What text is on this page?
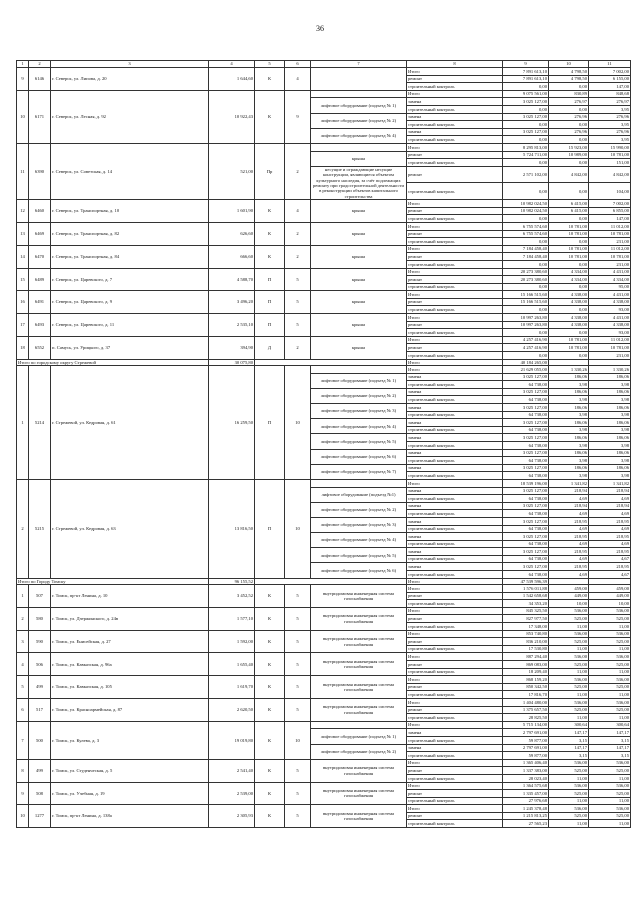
36
1	2	3	4	5	6	7	8	9	10	11
9	6146	г. Северск, ул. Липова, д. 20	1 644,60	К	4		Итого	7 891 613,10	4 798,50	7 002,00
							ремонт	7 891 613,10	4 798,50	6 155,00
							строительный контроль	0,00	0,00	147,00
10	6171	г. Северск, ул. Лесная, д. 92	10 922,43	К	9		Итого	9 075 561,00	830,89	848,68
						лифтовое оборудование (подъезд № 1)	замена	3 025 127,00	276,97	276,97
							строительный контроль	0,00	0,00	3,95
						лифтовое оборудование (подъезд № 2)	замена	3 025 127,00	276,96	276,96
							строительный контроль	0,00	0,00	3,95
						лифтовое оборудование (подъезд № 4)	замена	3 025 127,00	276,96	276,96
							строительный контроль	0,00	0,00	3,95
11	6390	г. Северск, ул. Советская, д. 14	521,00	Пр	2		Итого	8 295 813,00	15 923,00	15 990,00
						крыша	ремонт	5 724 711,00	10 989,00	10 781,00
							строительный контроль	0,00	0,00	151,00
						несущие и ограждающие несущие конструкции, являющиеся объектом культурного наследия, за счёт подлежащих ремонту при градостроительной деятельности в реконструкции объектов капитального строительства	ремонт	2 571 102,00	4 842,00	4 842,00
							строительный контроль	0,00	0,00	104,00
12	6460	г. Северск, ул. Транспортная, д. 10	1 601,90	К	4	крыша	Итого	10 982 024,50	6 415,00	7 002,00
							ремонт	10 982 024,50	6 415,00	6 855,00
							строительный контроль	0,00	0,00	147,00
13	6469	г. Северск, ул. Транспортная, д. 82	626,60	К	2	крыша	Итого	6 755 574,60	10 781,00	11 012,00
							ремонт	6 755 574,60	10 781,00	10 781,00
							строительный контроль	0,00	0,00	231,00
14	6470	г. Северск, ул. Транспортная, д. 84	666,60	К	2	крыша	Итого	7 184 458,40	10 781,00	11 012,00
							ремонт	7 184 458,40	10 781,00	10 781,00
							строительный контроль	0,00	0,00	231,00
15	6489	г. Северск, ул. Царевского, д. 7	4 588,70	П	5	крыша	Итого	20 273 380,60	4 334,00	4 431,00
							ремонт	20 273 380,60	4 334,00	4 334,00
							строительный контроль	0,00	0,00	95,00
16	6491	г. Северск, ул. Царевского, д. 9	3 496,20	П	5	крыша	Итого	15 166 515,60	4 338,00	4 431,00
							ремонт	15 166 515,60	4 338,00	4 338,00
							строительный контроль	0,00	0,00	93,00
17	6493	г. Северск, ул. Царевского, д. 11	2 535,10	П	5	крыша	Итого	10 997 263,80	4 338,00	4 431,00
							ремонт	10 997 263,80	4 338,00	4 338,00
							строительный контроль	0,00	0,00	93,00
18	6552	п. Самусь, ул. Урицкого, д. 37	394,90	Д	2	крыша	Итого	4 257 416,90	10 781,00	11 012,00
							ремонт	4 257 416,90	10 781,00	10 781,00
							строительный контроль	0,00	0,00	231,00
Итого по городскому округу Стрежевой			30 075,80				Итого	40 184 265,00		
1	5214	г. Стрежевой, ул. Кедровая, д. 61	16 259,50	П	10		Итого	21 629 055,00	1 330,26	1 330,26
						лифтовое оборудование (подъезд № 1)	замена	3 025 127,00	186,06	186,06
							строительный контроль	64 738,00	3,98	3,98
						лифтовое оборудование (подъезд № 2)	замена	3 025 127,00	186,06	186,06
							строительный контроль	64 738,00	3,98	3,98
						лифтовое оборудование (подъезд № 3)	замена	3 025 127,00	186,06	186,06
							строительный контроль	64 738,00	3,98	3,98
						лифтовое оборудование (подъезд № 4)	замена	3 025 127,00	186,06	186,06
							строительный контроль	64 738,00	3,98	3,98
						лифтовое оборудование (подъезд № 5)	замена	3 025 127,00	186,06	186,06
							строительный контроль	64 738,00	3,98	3,98
						лифтовое оборудование (подъезд № 6)	замена	3 025 127,00	186,06	186,06
							строительный контроль	64 738,00	3,98	3,98
						лифтовое оборудование (подъезд № 7)	замена	3 025 127,00	186,06	186,06
							строительный контроль	64 738,00	3,98	3,98
2	5215	г. Стрежевой, ул. Кедровая, д. 63	13 816,50	П	10		Итого	18 539 196,00	1 341,82	1 341,82
						лифтовое оборудование (подъезд №1)	замена	3 025 127,00	218,94	218,94
							строительный контроль	64 738,00	4,69	4,69
						лифтовое оборудование (подъезд № 2)	замена	3 025 127,00	218,94	218,94
							строительный контроль	64 738,00	4,69	4,69
						лифтовое оборудование (подъезд № 3)	замена	3 025 127,00	218,95	218,95
							строительный контроль	64 738,00	4,69	4,69
						лифтовое оборудование (подъезд № 4)	замена	3 025 127,00	218,95	218,95
							строительный контроль	64 738,00	4,69	4,69
						лифтовое оборудование (подъезд № 5)	замена	3 025 127,00	218,95	218,95
							строительный контроль	64 738,00	4,69	4,67
						лифтовое оборудование (подъезд № 6)	замена	3 025 127,00	218,95	218,95
							строительный контроль	64 738,00	4,69	4,67
Итого по Городу Томску			96 155,52				Итого	47 539 596,39		
1	507	г. Томск, пр-кт Ленина, д. 10	3 452,52	К	5	внутридомовая инженерная система газоснабжения	Итого	1 576 011,88	459,00	459,00
							ремонт	1 542 658,68	449,00	449,00
							строительный контроль	34 353,20	10,00	10,00
2	580	г. Томск, ул. Дзержинского, д. 24в	1 577,10	К	5	внутридомовая инженерная система газоснабжения	Итого	845 325,50	536,00	536,00
							ремонт	827 977,50	525,00	525,00
							строительный контроль	17 348,00	11,00	11,00
3	590	г. Томск, ул. Енисейская, д. 27	1 592,00	К	5	внутридомовая инженерная система газоснабжения	Итого	853 740,80	536,00	536,00
							ремонт	836 210,00	525,00	525,00
							строительный контроль	17 530,80	11,00	11,00
4	506	г. Томск, ул. Кавказская, д. 96а	1 655,40	К	5	внутридомовая инженерная система газоснабжения	Итого	887 294,40	536,00	536,00
							ремонт	869 083,00	525,00	525,00
							строительный контроль	18 209,40	11,00	11,00
5	499	г. Томск, ул. Кавказская, д. 105	1 619,70	К	5	внутридомовая инженерная система газоснабжения	Итого	868 159,20	536,00	536,00
							ремонт	850 342,50	525,00	525,00
							строительный контроль	17 816,70	11,00	11,00
6	517	г. Томск, ул. Красноармейская, д. 87	2 620,50	К	5	внутридомовая инженерная система газоснабжения	Итого	1 404 480,00	536,00	536,00
							ремонт	1 375 657,50	525,00	525,00
							строительный контроль	28 825,50	11,00	11,00
7	500	г. Томск, ул. Кулева, д. 3	19 019,80	К	10		Итого	5 715 134,00	300,64	300,64
						лифтовое оборудование (подъезд № 1)	замена	2 797 691,00	147,17	147,17
							строительный контроль	59 877,00	3,15	3,15
						лифтовое оборудование (подъезд № 2)	замена	2 797 691,00	147,17	147,17
							строительный контроль	59 877,00	3,15	3,15
8	499	г. Томск, ул. Студенческая, д. 5	2 541,40	К	5	внутридомовая инженерная система газоснабжения	Итого	1 365 406,40	536,00	536,00
							ремонт	1 337 383,00	525,00	525,00
							строительный контроль	28 023,40	11,00	11,00
9	508	г. Томск, ул. Учебная, д. 19	2 539,00	К	5	внутридомовая инженерная система газоснабжения	Итого	1 364 575,68	536,00	536,00
							ремонт	1 335 457,00	525,00	525,00
							строительный контроль	27 976,68	11,00	11,00
10	1277	г. Томск, пр-кт Ленина, д. 138а	2 305,93	К	5	внутридомовая инженерная система газоснабжения	Итого	1 245 378,48	536,00	536,00
							ремонт	1 215 813,25	525,00	525,00
							строительный контроль	27 565,23	11,00	11,00
